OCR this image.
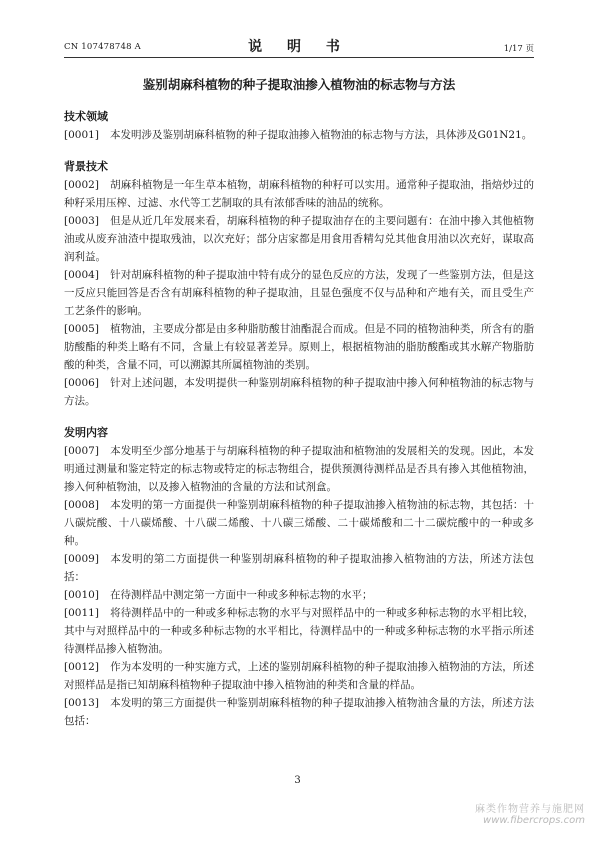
CN 107478748 A	说 明 书	1/17 页
鉴别胡麻科植物的种子提取油掺入植物油的标志物与方法
技术领域

[0001] 本发明涉及鉴别胡麻科植物的种子提取油掺入植物油的标志物与方法，具体涉及G01N21。

背景技术

[0002] 胡麻科植物是一年生草本植物，胡麻科植物的种籽可以实用。通常种子提取油，指焙炒过的种籽采用压榨、过滤、水代等工艺制取的具有浓郁香味的油品的统称。

[0003] 但是从近几年发展来看，胡麻科植物的种子提取油存在的主要问题有：在油中掺入其他植物油或从废弃油渣中提取残油，以次充好；部分店家都是用食用香精勾兑其他食用油以次充好，谋取高润利益。

[0004] 针对胡麻科植物的种子提取油中特有成分的显色反应的方法，发现了一些鉴别方法，但是这一反应只能回答是否含有胡麻科植物的种子提取油，且显色强度不仅与品种和产地有关，而且受生产工艺条件的影响。

[0005] 植物油，主要成分都是由多种脂肪酸甘油酯混合而成。但是不同的植物油种类，所含有的脂肪酸酯的种类上略有不同，含量上有较显著差异。原则上，根据植物油的脂肪酸酯或其水解产物脂肪酸的种类，含量不同，可以溯源其所属植物油的类别。

[0006] 针对上述问题，本发明提供一种鉴别胡麻科植物的种子提取油中掺入何种植物油的标志物与方法。

发明内容

[0007] 本发明至少部分地基于与胡麻科植物的种子提取油和植物油的发展相关的发现。因此，本发明通过测量和鉴定特定的标志物或特定的标志物组合，提供预测待测样品是否具有掺入其他植物油，掺入何种植物油，以及掺入植物油的含量的方法和试剂盒。

[0008] 本发明的第一方面提供一种鉴别胡麻科植物的种子提取油掺入植物油的标志物，其包括：十八碳烷酸、十八碳烯酸、十八碳二烯酸、十八碳三烯酸、二十碳烯酸和二十二碳烷酸中的一种或多种。

[0009] 本发明的第二方面提供一种鉴别胡麻科植物的种子提取油掺入植物油的方法，所述方法包括：

[0010] 在待测样品中测定第一方面中一种或多种标志物的水平；

[0011] 将待测样品中的一种或多种标志物的水平与对照样品中的一种或多种标志物的水平相比较，其中与对照样品中的一种或多种标志物的水平相比，待测样品中的一种或多种标志物的水平指示所述待测样品掺入植物油。

[0012] 作为本发明的一种实施方式，上述的鉴别胡麻科植物的种子提取油掺入植物油的方法，所述对照样品是指已知胡麻科植物种子提取油中掺入植物油的种类和含量的样品。

[0013] 本发明的第三方面提供一种鉴别胡麻科植物的种子提取油掺入植物油含量的方法，所述方法包括：

3
麻类作物营养与施肥网
www.fibercrops.com
